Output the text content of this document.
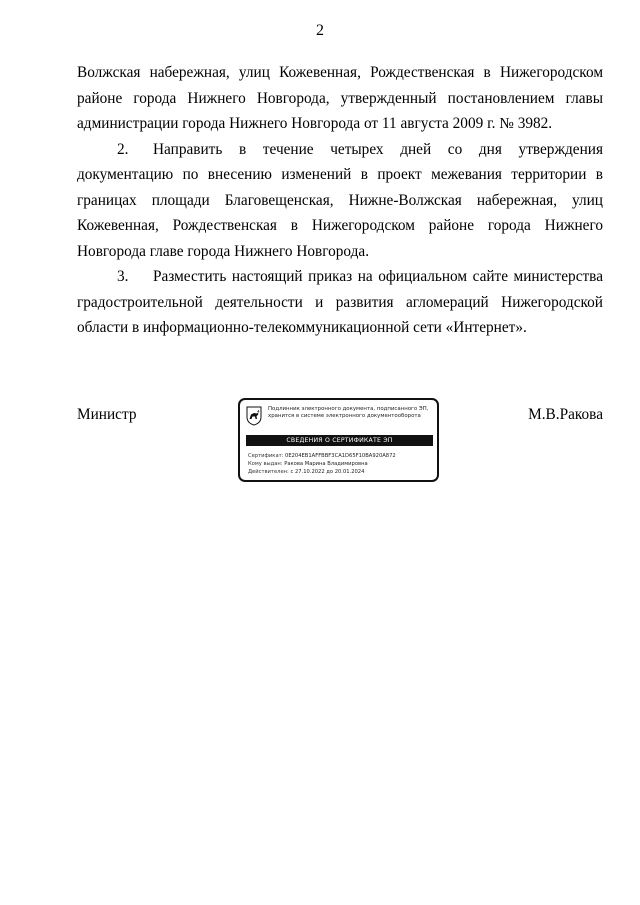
2

Волжская набережная, улиц Кожевенная, Рождественская в Нижегородском районе города Нижнего Новгорода, утвержденный постановлением главы администрации города Нижнего Новгорода от 11 августа 2009 г. № 3982.

2. Направить в течение четырех дней со дня утверждения документацию по внесению изменений в проект межевания территории в границах площади Благовещенская, Нижне-Волжская набережная, улиц Кожевенная, Рождественская в Нижегородском районе города Нижнего Новгорода главе города Нижнего Новгорода.

3. Разместить настоящий приказ на официальном сайте министерства градостроительной деятельности и развития агломераций Нижегородской области в информационно-телекоммуникационной сети «Интернет».

Министр	М.В.Ракова
Подлинник электронного документа, подписанного ЭП,
хранится в системе электронного документооборота
СВЕДЕНИЯ О СЕРТИФИКАТЕ ЭП
Сертификат: 0E204EB1AFFBBF3CA1D65F10BA920A872
Кому выдан: Ракова Марина Владимировна
Действителен: с 27.10.2022 до 20.01.2024
